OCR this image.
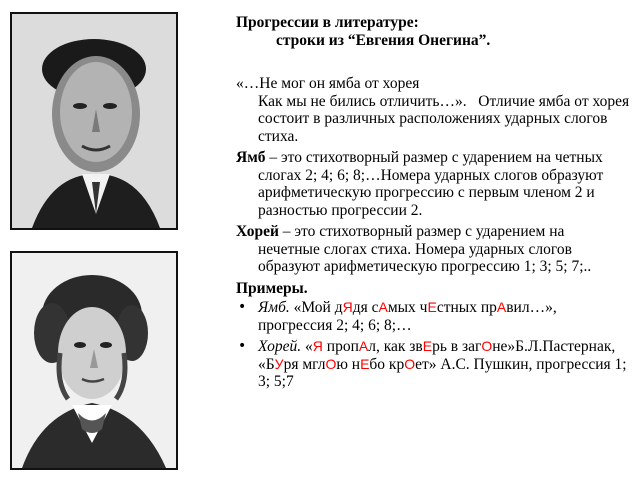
Прогрессии в литературе:
строки из “Евгения Онегина”.
«…Не мог он ямба от хорея
Как мы не бились отличить…». Отличие ямба от хорея состоит в различных расположениях ударных слогов стиха.
Ямб – это стихотворный размер с ударением на четных слогах 2; 4; 6; 8;…Номера ударных слогов образуют арифметическую прогрессию с первым членом 2 и разностью прогрессии 2.
Хорей – это стихотворный размер с ударением на нечетные слогах стиха. Номера ударных слогов образуют арифметическую прогрессию 1; 3; 5; 7;..
Примеры.
• Ямб. «Мой дЯдя сАмых чЕстных прАвил…», прогрессия 2; 4; 6; 8;…
• Хорей. «Я пропАл, как звЕрь в загОне»Б.Л.Пастернак, «БУря мглОю нЕбо крОет» А.С. Пушкин, прогрессия 1; 3; 5;7
